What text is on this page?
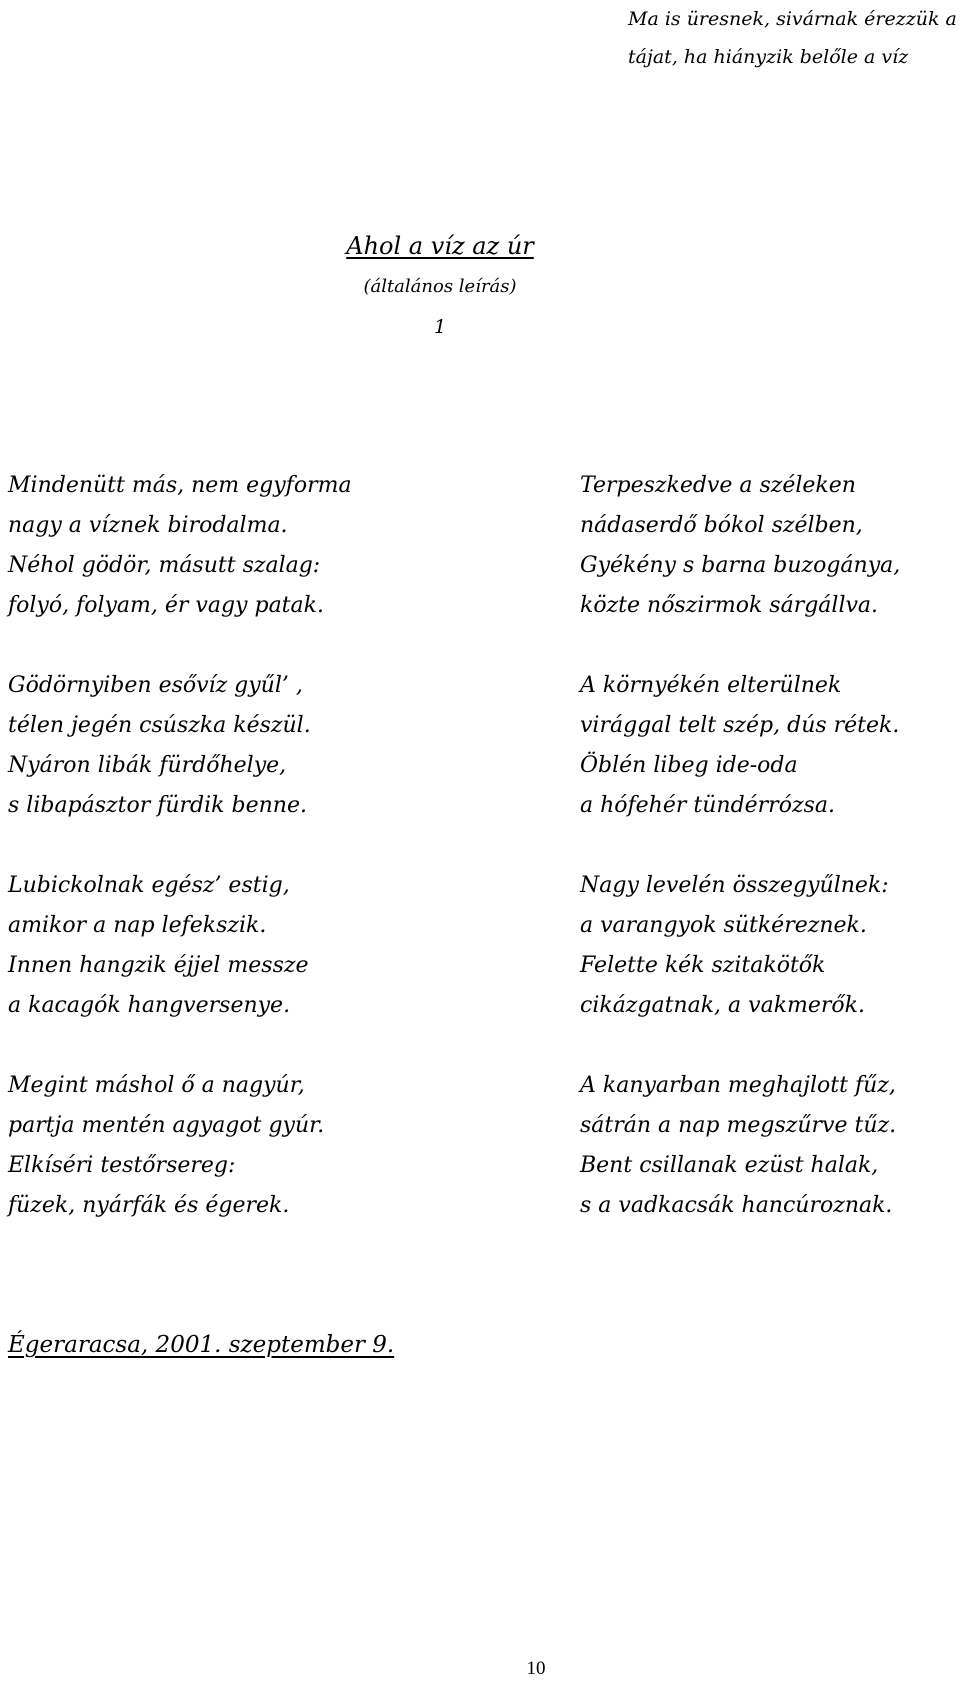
Ma is üresnek, sivárnak érezzük a
tájat, ha hiányzik belőle a víz
Ahol a víz az úr
(általános leírás)
1
Mindenütt más, nem egyforma
nagy a víznek birodalma.
Néhol gödör, másutt szalag:
folyó, folyam, ér vagy patak.
Gödörnyiben esővíz gyűl’ ,
télen jegén csúszka készül.
Nyáron libák fürdőhelye,
s libapásztor fürdik benne.
Lubickolnak egész’ estig,
amikor a nap lefekszik.
Innen hangzik éjjel messze
a kacagók hangversenye.
Megint máshol ő a nagyúr,
partja mentén agyagot gyúr.
Elkíséri testőrsereg:
füzek, nyárfák és égerek.
Terpeszkedve a széleken
nádaserdő bókol szélben,
Gyékény s barna buzogánya,
közte nőszirmok sárgállva.
A környékén elterülnek
virággal telt szép, dús rétek.
Öblén libeg ide-oda
a hófehér tündérrózsa.
Nagy levelén összegyűlnek:
a varangyok sütkéreznek.
Felette kék szitakötők
cikázgatnak, a vakmerők.
A kanyarban meghajlott fűz,
sátrán a nap megszűrve tűz.
Bent csillanak ezüst halak,
s a vadkacsák hancúroznak.
Égeraracsa, 2001. szeptember 9.
10
